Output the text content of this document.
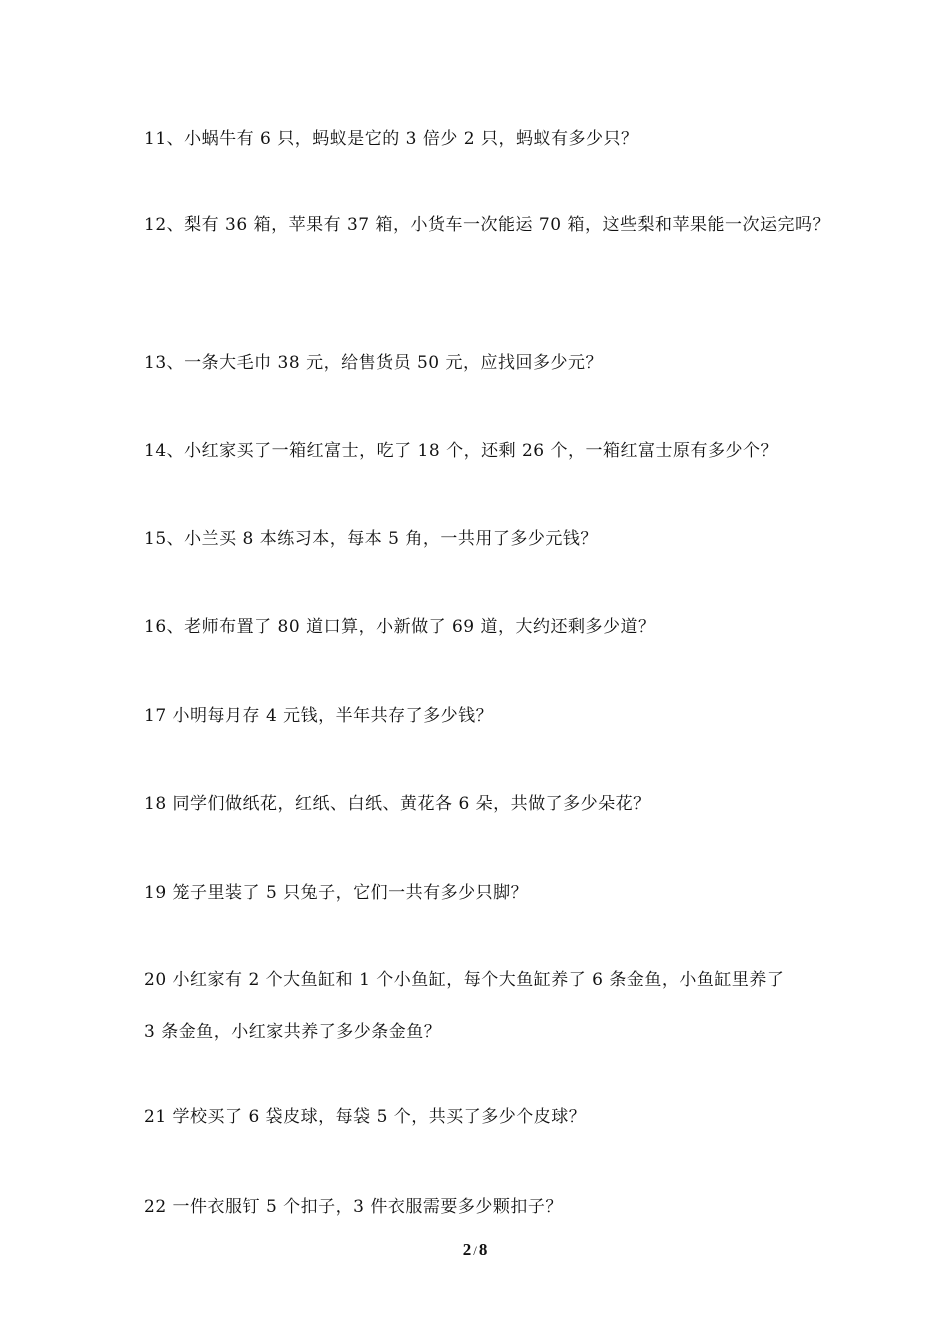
11、小蜗牛有 6 只，蚂蚁是它的 3 倍少 2 只，蚂蚁有多少只？
12、梨有 36 箱，苹果有 37 箱，小货车一次能运 70 箱，这些梨和苹果能一次运完吗？
13、一条大毛巾 38 元，给售货员 50 元，应找回多少元？
14、小红家买了一箱红富士，吃了 18 个，还剩 26 个，一箱红富士原有多少个？
15、小兰买 8 本练习本，每本 5 角，一共用了多少元钱？
16、老师布置了 80 道口算，小新做了 69 道，大约还剩多少道？
17 小明每月存 4 元钱，半年共存了多少钱？
18 同学们做纸花，红纸、白纸、黄花各 6 朵，共做了多少朵花？
19 笼子里装了 5 只兔子，它们一共有多少只脚？
20 小红家有 2 个大鱼缸和 1 个小鱼缸，每个大鱼缸养了 6 条金鱼，小鱼缸里养了
3 条金鱼，小红家共养了多少条金鱼？
21 学校买了 6 袋皮球，每袋 5 个，共买了多少个皮球？
22 一件衣服钉 5 个扣子，3 件衣服需要多少颗扣子？
2 / 8
